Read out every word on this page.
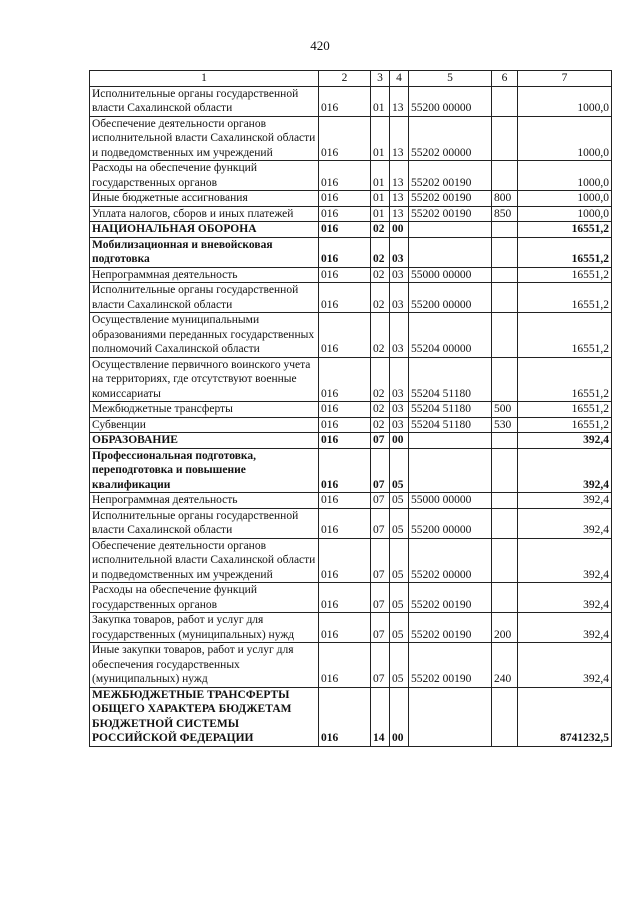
420
1	2	3	4	5	6	7
Исполнительные органы государственной власти Сахалинской области	016	01	13	55200 00000		1000,0
Обеспечение деятельности органов исполнительной власти Сахалинской области и подведомственных им учреждений	016	01	13	55202 00000		1000,0
Расходы на обеспечение функций государственных органов	016	01	13	55202 00190		1000,0
Иные бюджетные ассигнования	016	01	13	55202 00190	800	1000,0
Уплата налогов, сборов и иных платежей	016	01	13	55202 00190	850	1000,0
НАЦИОНАЛЬНАЯ ОБОРОНА	016	02	00			16551,2
Мобилизационная и вневойсковая подготовка	016	02	03			16551,2
Непрограммная деятельность	016	02	03	55000 00000		16551,2
Исполнительные органы государственной власти Сахалинской области	016	02	03	55200 00000		16551,2
Осуществление муниципальными образованиями переданных государственных полномочий Сахалинской области	016	02	03	55204 00000		16551,2
Осуществление первичного воинского учета на территориях, где отсутствуют военные комиссариаты	016	02	03	55204 51180		16551,2
Межбюджетные трансферты	016	02	03	55204 51180	500	16551,2
Субвенции	016	02	03	55204 51180	530	16551,2
ОБРАЗОВАНИЕ	016	07	00			392,4
Профессиональная подготовка, переподготовка и повышение квалификации	016	07	05			392,4
Непрограммная деятельность	016	07	05	55000 00000		392,4
Исполнительные органы государственной власти Сахалинской области	016	07	05	55200 00000		392,4
Обеспечение деятельности органов исполнительной власти Сахалинской области и подведомственных им учреждений	016	07	05	55202 00000		392,4
Расходы на обеспечение функций государственных органов	016	07	05	55202 00190		392,4
Закупка товаров, работ и услуг для государственных (муниципальных) нужд	016	07	05	55202 00190	200	392,4
Иные закупки товаров, работ и услуг для обеспечения государственных (муниципальных) нужд	016	07	05	55202 00190	240	392,4
МЕЖБЮДЖЕТНЫЕ ТРАНСФЕРТЫ ОБЩЕГО ХАРАКТЕРА БЮДЖЕТАМ БЮДЖЕТНОЙ СИСТЕМЫ РОССИЙСКОЙ ФЕДЕРАЦИИ	016	14	00			8741232,5
